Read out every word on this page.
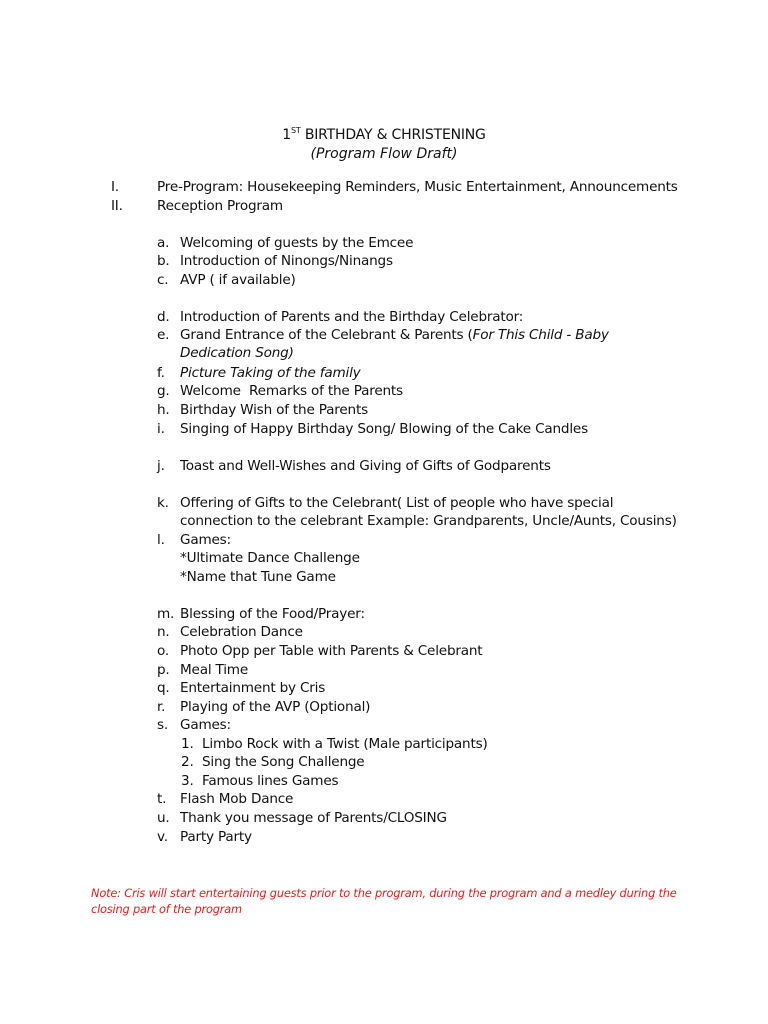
1ST BIRTHDAY & CHRISTENING
(Program Flow Draft)
I.	Pre-Program: Housekeeping Reminders, Music Entertainment, Announcements
II.	Reception Program
a. Welcoming of guests by the Emcee
b. Introduction of Ninongs/Ninangs
c. AVP ( if available)
d. Introduction of Parents and the Birthday Celebrator:
e. Grand Entrance of the Celebrant & Parents (For This Child - Baby Dedication Song)
f. Picture Taking of the family
g. Welcome  Remarks of the Parents
h. Birthday Wish of the Parents
i. Singing of Happy Birthday Song/ Blowing of the Cake Candles
j. Toast and Well-Wishes and Giving of Gifts of Godparents
k. Offering of Gifts to the Celebrant( List of people who have special connection to the celebrant Example: Grandparents, Uncle/Aunts, Cousins)
l. Games:
*Ultimate Dance Challenge
*Name that Tune Game
m. Blessing of the Food/Prayer:
n. Celebration Dance
o. Photo Opp per Table with Parents & Celebrant
p. Meal Time
q. Entertainment by Cris
r. Playing of the AVP (Optional)
s. Games:
1. Limbo Rock with a Twist (Male participants)
2. Sing the Song Challenge
3. Famous lines Games
t. Flash Mob Dance
u. Thank you message of Parents/CLOSING
v. Party Party
Note: Cris will start entertaining guests prior to the program, during the program and a medley during the closing part of the program
